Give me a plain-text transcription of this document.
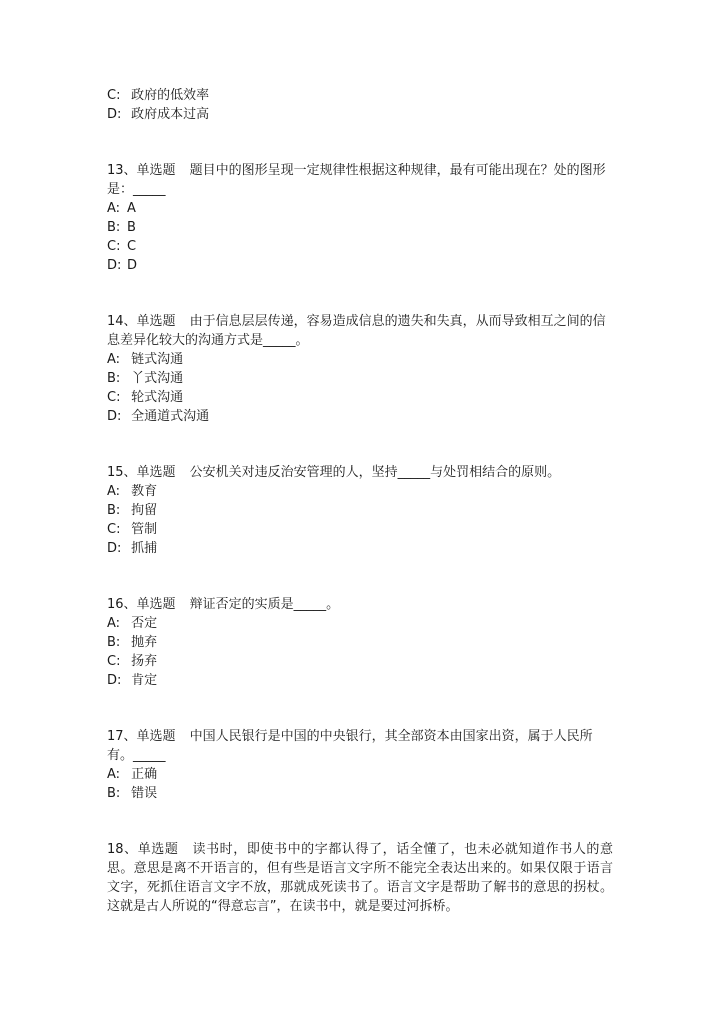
C: 政府的低效率
D: 政府成本过高

13、单选题 题目中的图形呈现一定规律性根据这种规律，最有可能出现在？处的图形是：_____

A: A
B: B
C: C
D: D

14、单选题 由于信息层层传递，容易造成信息的遗失和失真，从而导致相互之间的信息差异化较大的沟通方式是_____。

A: 链式沟通
B: 丫式沟通
C: 轮式沟通
D: 全通道式沟通

15、单选题 公安机关对违反治安管理的人，坚持_____与处罚相结合的原则。

A: 教育
B: 拘留
C: 管制
D: 抓捕

16、单选题 辩证否定的实质是_____。

A: 否定
B: 抛弃
C: 扬弃
D: 肯定

17、单选题 中国人民银行是中国的中央银行，其全部资本由国家出资，属于人民所有。_____

A: 正确
B: 错误

18、单选题 读书时，即使书中的字都认得了，话全懂了，也未必就知道作书人的意思。意思是离不开语言的，但有些是语言文字所不能完全表达出来的。如果仅限于语言文字，死抓住语言文字不放，那就成死读书了。语言文字是帮助了解书的意思的拐杖。这就是古人所说的“得意忘言”，在读书中，就是要过河拆桥。
